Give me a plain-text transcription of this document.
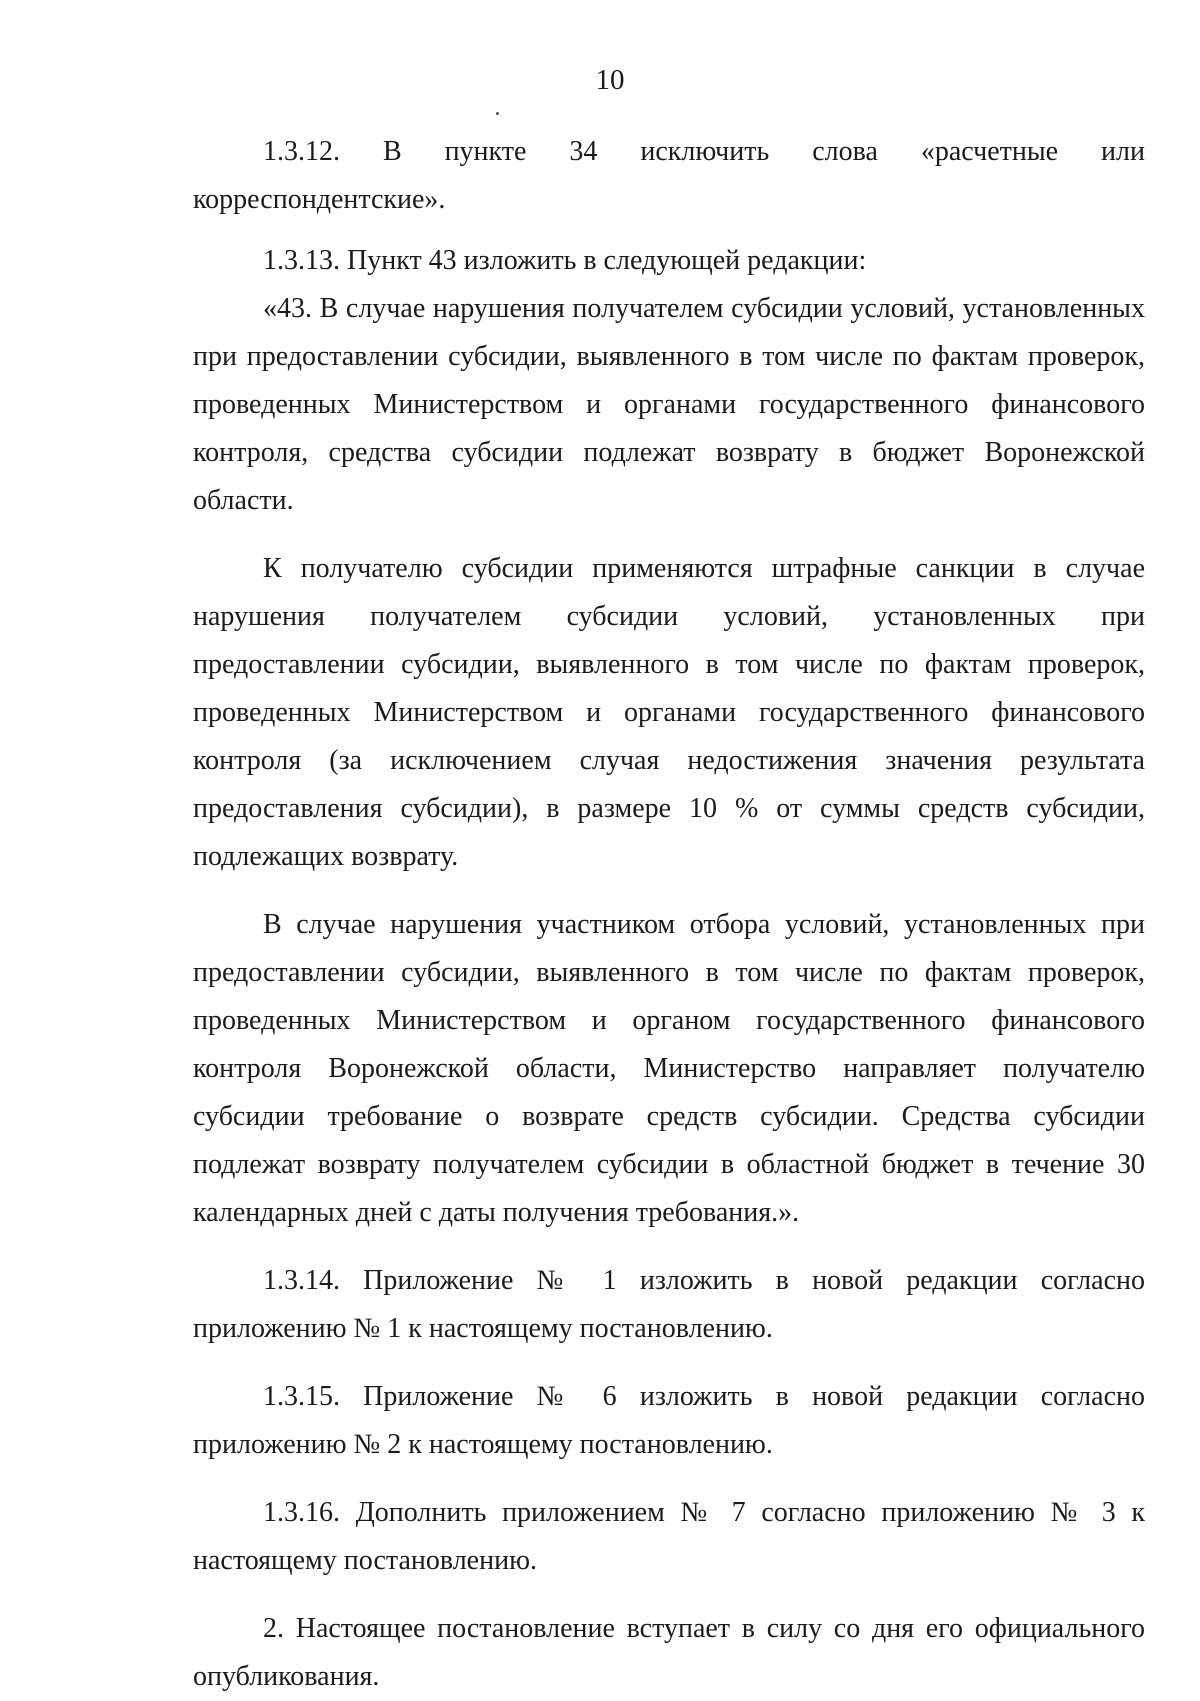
10

1.3.12. В пункте 34 исключить слова «расчетные или корреспондентские».

1.3.13. Пункт 43 изложить в следующей редакции:

«43. В случае нарушения получателем субсидии условий, установленных при предоставлении субсидии, выявленного в том числе по фактам проверок, проведенных Министерством и органами государственного финансового контроля, средства субсидии подлежат возврату в бюджет Воронежской области.

К получателю субсидии применяются штрафные санкции в случае нарушения получателем субсидии условий, установленных при предоставлении субсидии, выявленного в том числе по фактам проверок, проведенных Министерством и органами государственного финансового контроля (за исключением случая недостижения значения результата предоставления субсидии), в размере 10 % от суммы средств субсидии, подлежащих возврату.

В случае нарушения участником отбора условий, установленных при предоставлении субсидии, выявленного в том числе по фактам проверок, проведенных Министерством и органом государственного финансового контроля Воронежской области, Министерство направляет получателю субсидии требование о возврате средств субсидии. Средства субсидии подлежат возврату получателем субсидии в областной бюджет в течение 30 календарных дней с даты получения требования.».

1.3.14. Приложение № 1 изложить в новой редакции согласно приложению № 1 к настоящему постановлению.

1.3.15. Приложение № 6 изложить в новой редакции согласно приложению № 2 к настоящему постановлению.

1.3.16. Дополнить приложением № 7 согласно приложению № 3 к настоящему постановлению.

2. Настоящее постановление вступает в силу со дня его официального опубликования.
